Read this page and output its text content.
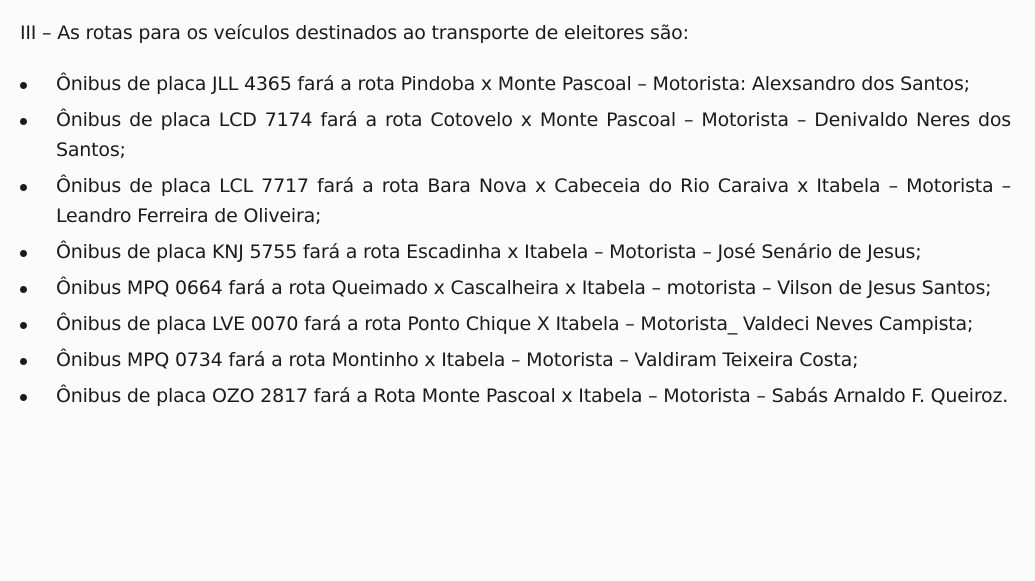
III – As rotas para os veículos destinados ao transporte de eleitores são:

Ônibus de placa JLL 4365 fará a rota Pindoba x Monte Pascoal – Motorista: Alexsandro dos Santos;
Ônibus de placa LCD 7174 fará a rota Cotovelo x Monte Pascoal – Motorista – Denivaldo Neres dos Santos;
Ônibus de placa LCL 7717 fará a rota Bara Nova x Cabeceia do Rio Caraiva x Itabela – Motorista – Leandro Ferreira de Oliveira;
Ônibus de placa KNJ 5755 fará a rota Escadinha x Itabela – Motorista – José Senário de Jesus;
Ônibus MPQ 0664 fará a rota Queimado x Cascalheira x Itabela – motorista – Vilson de Jesus Santos;
Ônibus de placa LVE 0070 fará a rota Ponto Chique X Itabela – Motorista_ Valdeci Neves Campista;
Ônibus MPQ 0734 fará a rota Montinho x Itabela – Motorista – Valdiram Teixeira Costa;
Ônibus de placa OZO 2817 fará a Rota Monte Pascoal x Itabela – Motorista – Sabás Arnaldo F. Queiroz.
